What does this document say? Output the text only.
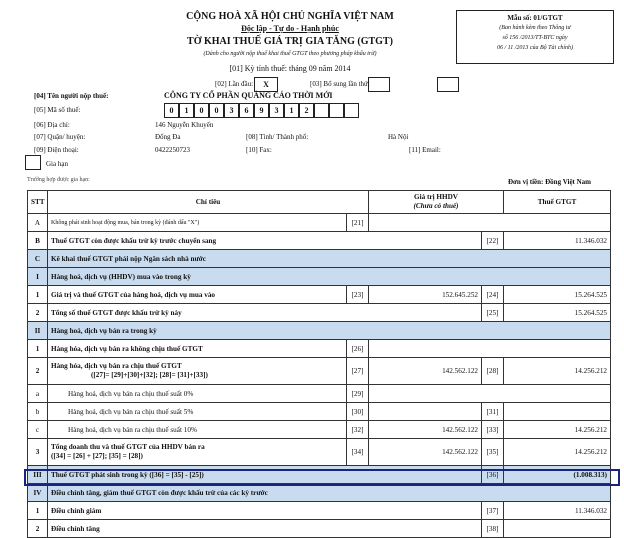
CỘNG HOÀ XÃ HỘI CHỦ NGHĨA VIỆT NAM
Độc lập - Tự do - Hạnh phúc
TỜ KHAI THUẾ GIÁ TRỊ GIA TĂNG (GTGT)
(Dành cho người nộp thuế khai thuế GTGT theo phương pháp khấu trừ)
[01] Kỳ tính thuế: tháng 09 năm 2014
[02] Lần đầu:	X	[03] Bổ sung lần thứ:
Mẫu số: 01/GTGT
(Ban hành kèm theo Thông tư
số 156 /2013/TT-BTC ngày
06 / 11 /2013 của Bộ Tài chính)
[04] Tên người nộp thuế:	CÔNG TY CỔ PHẦN QUẢNG CÁO THỜI MỚI
[05] Mã số thuế:	0	1	0	0	3	6	9	3	1	2
[06] Địa chỉ:	146 Nguyễn Khuyến
[07] Quận/ huyện:	Đống Đa	[08] Tỉnh/ Thành phố:	Hà Nội
[09] Điện thoại:	0422250723	[10] Fax:	[11] Email:
Gia hạn
Trường hợp được gia hạn:	Đơn vị tiền: Đồng Việt Nam
STT	Chỉ tiêu		Giá trị HHDV
(Chưa có thuế)		Thuế GTGT
A	Không phát sinh hoạt động mua, bán trong kỳ (đánh dấu "X")	[21]			
B	Thuế GTGT còn được khấu trừ kỳ trước chuyển sang			[22]	11.346.032
C	Kê khai thuế GTGT phải nộp Ngân sách nhà nước				
I	Hàng hoá, dịch vụ (HHDV) mua vào trong kỳ				
1	Giá trị và thuế GTGT của hàng hoá, dịch vụ mua vào	[23]	152.645.252	[24]	15.264.525
2	Tổng số thuế GTGT được khấu trừ kỳ này			[25]	15.264.525
II	Hàng hoá, dịch vụ bán ra trong kỳ				
1	Hàng hóa, dịch vụ bán ra không chịu thuế GTGT	[26]			
2	Hàng hóa, dịch vụ bán ra chịu thuế GTGT
([27]= [29]+[30]+[32]; [28]= [31]+[33])	[27]	142.562.122	[28]	14.256.212
a	Hàng hoá, dịch vụ bán ra chịu thuế suất 0%	[29]			
b	Hàng hoá, dịch vụ bán ra chịu thuế suất 5%	[30]		[31]	
c	Hàng hoá, dịch vụ bán ra chịu thuế suất 10%	[32]	142.562.122	[33]	14.256.212
3	Tổng doanh thu và thuế GTGT của HHDV bán ra
([34] = [26] + [27]; [35] = [28])	[34]	142.562.122	[35]	14.256.212
III	Thuế GTGT phát sinh trong kỳ ([36] = [35] - [25])			[36]	(1.008.313)
IV	Điều chỉnh tăng, giảm thuế GTGT còn được khấu trừ của các kỳ trước				
1	Điều chỉnh giảm			[37]	11.346.032
2	Điều chỉnh tăng			[38]	
